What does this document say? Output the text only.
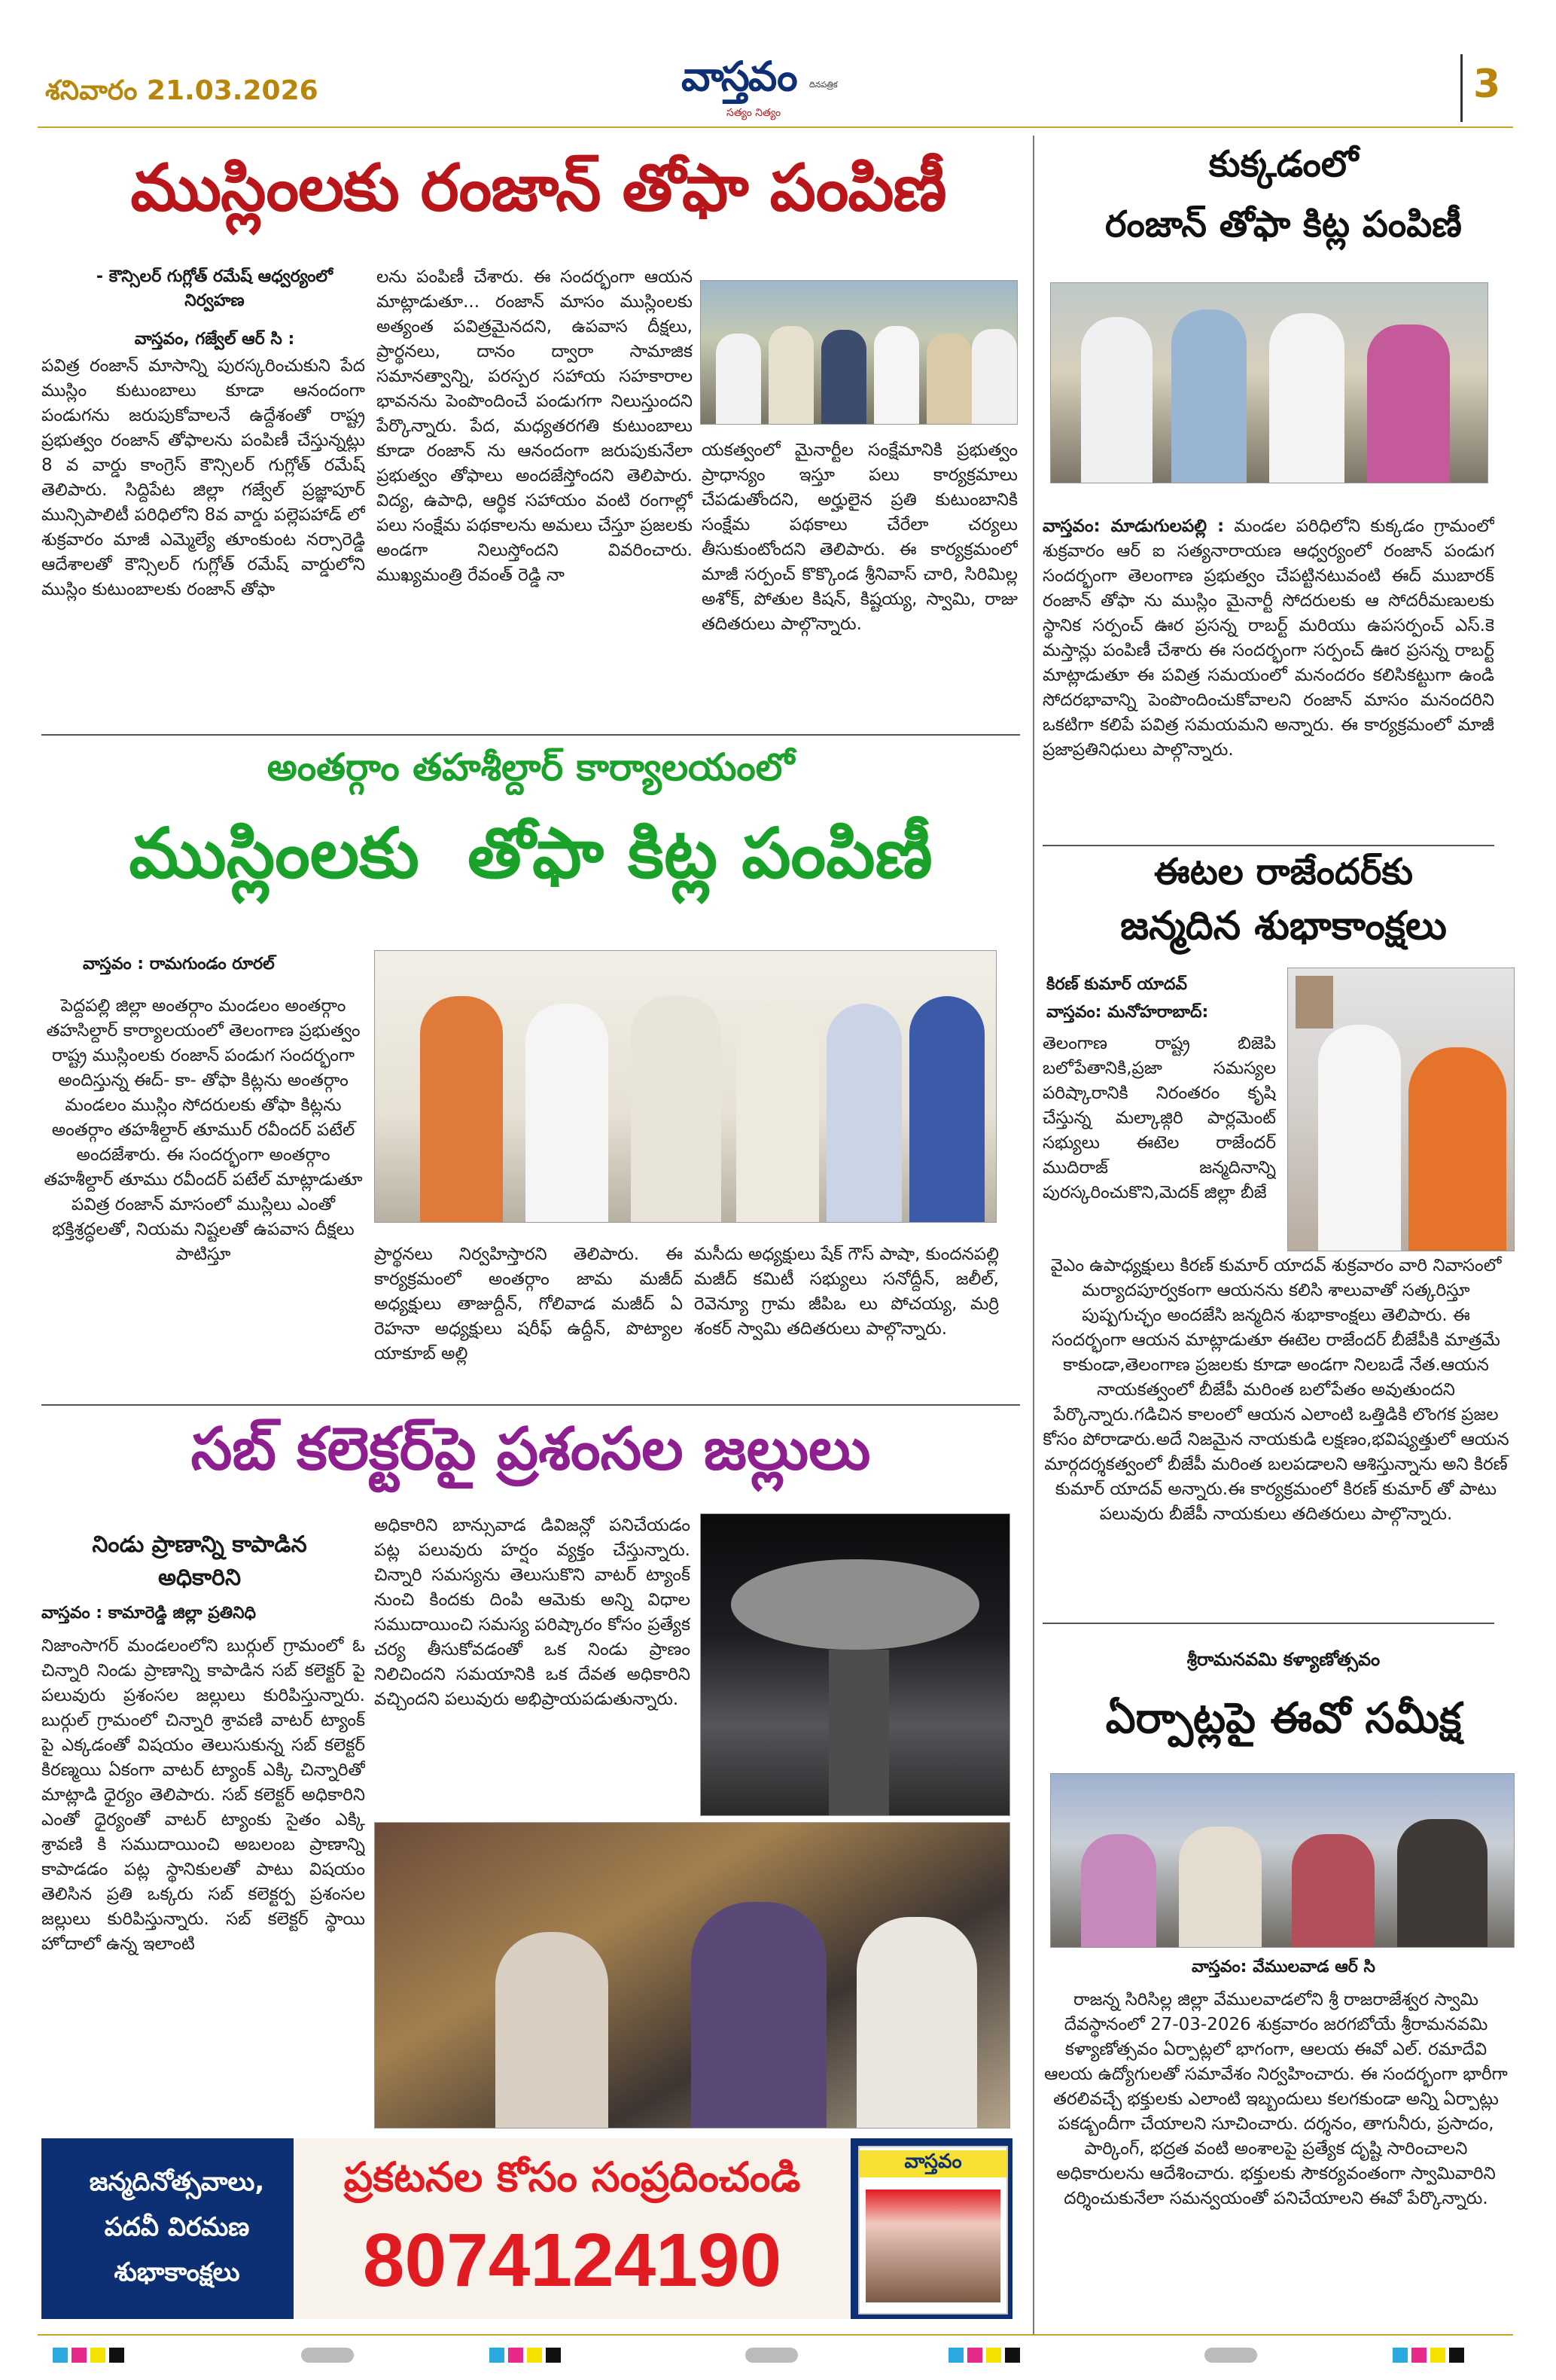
శనివారం 21.03.2026	వాస్తవం దినపత్రిక
సత్యం నిత్యం
3
ముస్లింలకు రంజాన్ తోఫా పంపిణీ
- కౌన్సిలర్ గుగ్లోత్ రమేష్ ఆధ్వర్యంలో నిర్వహణ
వాస్తవం, గజ్వేల్ ఆర్ సి :
పవిత్ర రంజాన్ మాసాన్ని పురస్కరించుకుని పేద ముస్లిం కుటుంబాలు కూడా ఆనందంగా పండుగను జరుపుకోవాలనే ఉద్దేశంతో రాష్ట్ర ప్రభుత్వం రంజాన్ తోఫాలను పంపిణీ చేస్తున్నట్లు 8 వ వార్డు కాంగ్రెస్ కౌన్సిలర్ గుగ్లోత్ రమేష్ తెలిపారు. సిద్దిపేట జిల్లా గజ్వేల్ ప్రజ్ఞాపూర్ మున్సిపాలిటీ పరిధిలోని 8వ వార్డు పల్లెపహాడ్ లో శుక్రవారం మాజీ ఎమ్మెల్యే తూంకుంట నర్సారెడ్డి ఆదేశాలతో కౌన్సిలర్ గుగ్లోత్ రమేష్ వార్డులోని ముస్లిం కుటుంబాలకు రంజాన్ తోఫా
లను పంపిణీ చేశారు. ఈ సందర్భంగా ఆయన మాట్లాడుతూ... రంజాన్ మాసం ముస్లింలకు అత్యంత పవిత్రమైనదని, ఉపవాస దీక్షలు, ప్రార్థనలు, దానం ద్వారా సామాజిక సమానత్వాన్ని, పరస్పర సహాయ సహకారాల భావనను పెంపొందించే పండుగగా నిలుస్తుందని పేర్కొన్నారు. పేద, మధ్యతరగతి కుటుంబాలు కూడా రంజాన్ ను ఆనందంగా జరుపుకునేలా ప్రభుత్వం తోఫాలు అందజేస్తోందని తెలిపారు. విద్య, ఉపాధి, ఆర్థిక సహాయం వంటి రంగాల్లో పలు సంక్షేమ పథకాలను అమలు చేస్తూ ప్రజలకు అండగా నిలుస్తోందని వివరించారు. ముఖ్యమంత్రి రేవంత్ రెడ్డి నా
యకత్వంలో మైనార్టీల సంక్షేమానికి ప్రభుత్వం ప్రాధాన్యం ఇస్తూ పలు కార్యక్రమాలు చేపడుతోందని, అర్హులైన ప్రతి కుటుంబానికి సంక్షేమ పథకాలు చేరేలా చర్యలు తీసుకుంటోందని తెలిపారు. ఈ కార్యక్రమంలో మాజీ సర్పంచ్ కొక్కొండ శ్రీనివాస్ చారి, సిరిమిల్ల అశోక్, పోతుల కిషన్, కిష్టయ్య, స్వామి, రాజు తదితరులు పాల్గొన్నారు.
అంతర్గాం తహశీల్దార్ కార్యాలయంలో
ముస్లింలకు  తోఫా కిట్ల పంపిణీ
వాస్తవం : రామగుండం రూరల్
పెద్దపల్లి జిల్లా అంతర్గాం మండలం అంతర్గాం తహసిల్దార్ కార్యాలయంలో తెలంగాణ ప్రభుత్వం రాష్ట్ర ముస్లింలకు రంజాన్ పండుగ సందర్భంగా అందిస్తున్న ఈద్‌- కా- తోఫా కిట్లను అంతర్గాం మండలం ముస్లిం సోదరులకు తోఫా కిట్లను అంతర్గాం తహశీల్దార్ తూముర్ రవీందర్ పటేల్ అందజేశారు. ఈ సందర్భంగా అంతర్గాం తహశీల్దార్ తూము రవీందర్ పటేల్ మాట్లాడుతూ పవిత్ర రంజాన్ మాసంలో ముస్లిలు ఎంతో భక్తిశ్రద్ధలతో, నియమ నిష్టలతో ఉపవాస దీక్షలు పాటిస్తూ	ప్రార్థనలు నిర్వహిస్తారని తెలిపారు. ఈ కార్యక్రమంలో అంతర్గాం జామ మజీద్ అధ్యక్షులు తాజుద్దీన్, గోలివాడ మజీద్ ఏ రెహనా అధ్యక్షులు షరీఫ్ ఉద్దీన్, పొట్యాల యాకూబ్ అల్లి
మసీదు అధ్యక్షులు షేక్ గౌస్ పాషా, కుందనపల్లి మజీద్ కమిటీ సభ్యులు సనోద్దీన్, జలీల్, రెవెన్యూ గ్రామ జీపిఒ లు పోచయ్య, మర్రి శంకర్ స్వామి తదితరులు పాల్గొన్నారు.
సబ్ కలెక్టర్‌పై ప్రశంసల జల్లులు
నిండు ప్రాణాన్ని కాపాడిన అధికారిని
వాస్తవం : కామారెడ్డి జిల్లా ప్రతినిధి
నిజాంసాగర్ మండలంలోని బుర్గుల్ గ్రామంలో ఓ చిన్నారి నిండు ప్రాణాన్ని కాపాడిన సబ్ కలెక్టర్ పై పలువురు ప్రశంసల జల్లులు కురిపిస్తున్నారు. బుర్గుల్ గ్రామంలో చిన్నారి శ్రావణి వాటర్ ట్యాంక్ పై ఎక్కడంతో విషయం తెలుసుకున్న సబ్ కలెక్టర్ కిరణ్మయి ఏకంగా వాటర్ ట్యాంక్ ఎక్కి చిన్నారితో మాట్లాడి ధైర్యం తెలిపారు. సబ్ కలెక్టర్ అధికారిని ఎంతో ధైర్యంతో వాటర్ ట్యాంకు సైతం ఎక్కి శ్రావణి కి సముదాయించి అబలంబ ప్రాణాన్ని కాపాడడం పట్ల స్థానికులతో పాటు విషయం తెలిసిన ప్రతి ఒక్కరు సబ్ కలెక్టర్ప ప్రశంసల జల్లులు కురిపిస్తున్నారు. సబ్ కలెక్టర్ స్థాయి హోదాలో ఉన్న ఇలాంటి
అధికారిని బాన్సువాడ డివిజన్లో పనిచేయడం పట్ల పలువురు హర్షం వ్యక్తం చేస్తున్నారు. చిన్నారి సమస్యను తెలుసుకొని వాటర్ ట్యాంక్ నుంచి కిందకు దింపి ఆమెకు అన్ని విధాల సముదాయించి సమస్య పరిష్కారం కోసం ప్రత్యేక చర్య తీసుకోవడంతో ఒక నిండు ప్రాణం నిలిచిందని సమయానికి ఒక దేవత అధికారిని వచ్చిందని పలువురు అభిప్రాయపడుతున్నారు.
జన్మదినోత్సవాలు,
పదవీ విరమణ
శుభాకాంక్షలు
ప్రకటనల కోసం సంప్రదించండి
8074124190
వాస్తవం
కుక్కడంలో
రంజాన్ తోఫా కిట్ల పంపిణీ

వాస్తవం: మాడుగులపల్లి : మండల పరిధిలోని కుక్కడం గ్రామంలో శుక్రవారం ఆర్ ఐ సత్యనారాయణ ఆధ్వర్యంలో రంజాన్ పండుగ సందర్భంగా తెలంగాణ ప్రభుత్వం చేపట్టినటువంటి ఈద్ ముబారక్ రంజాన్ తోఫా ను ముస్లిం మైనార్టీ సోదరులకు ఆ సోదరీమణులకు స్థానిక సర్పంచ్ ఊర ప్రసన్న రాబర్ట్ మరియు ఉపసర్పంచ్ ఎస్.కె మస్తాన్లు పంపిణీ చేశారు ఈ సందర్భంగా సర్పంచ్ ఊర ప్రసన్న రాబర్ట్ మాట్లాడుతూ ఈ పవిత్ర సమయంలో మనందరం కలిసికట్టుగా ఉండి సోదరభావాన్ని పెంపొందించుకోవాలని రంజాన్ మాసం మనందరిని ఒకటిగా కలిపే పవిత్ర సమయమని అన్నారు. ఈ కార్యక్రమంలో మాజీ ప్రజాప్రతినిధులు పాల్గొన్నారు.

ఈటల రాజేందర్‌కు
జన్మదిన శుభాకాంక్షలు
కిరణ్ కుమార్ యాదవ్
వాస్తవం: మనోహరాబాద్:
తెలంగాణ రాష్ట్ర బిజెపి బలోపేతానికి,ప్రజా సమస్యల పరిష్కారానికి నిరంతరం కృషి చేస్తున్న మల్కాజ్గిరి పార్లమెంట్ సభ్యులు ఈటెల రాజేందర్ ముదిరాజ్ జన్మదినాన్ని పురస్కరించుకొని,మెదక్ జిల్లా బీజే
వైఎం ఉపాధ్యక్షులు కిరణ్ కుమార్ యాదవ్ శుక్రవారం వారి నివాసంలో మర్యాదపూర్వకంగా ఆయనను కలిసి శాలువాతో సత్కరిస్తూ పుష్పగుచ్ఛం అందజేసి జన్మదిన శుభాకాంక్షలు తెలిపారు. ఈ సందర్భంగా ఆయన మాట్లాడుతూ ఈటెల రాజేందర్ బీజేపీకి మాత్రమే కాకుండా,తెలంగాణ ప్రజలకు కూడా అండగా నిలబడే నేత.ఆయన నాయకత్వంలో బీజేపీ మరింత బలోపేతం అవుతుందని పేర్కొన్నారు.గడిచిన కాలంలో ఆయన ఎలాంటి ఒత్తిడికి లొంగక ప్రజల కోసం పోరాడారు.అదే నిజమైన నాయకుడి లక్షణం,భవిష్యత్తులో ఆయన మార్గదర్శకత్వంలో బీజేపీ మరింత బలపడాలని ఆశిస్తున్నాను అని కిరణ్ కుమార్ యాదవ్ అన్నారు.ఈ కార్యక్రమంలో కిరణ్ కుమార్ తో పాటు పలువురు బీజేపీ నాయకులు తదితరులు పాల్గొన్నారు.
శ్రీరామనవమి కళ్యాణోత్సవం
ఏర్పాట్లపై ఈవో సమీక్ష
వాస్తవం: వేములవాడ ఆర్ సి
రాజన్న సిరిసిల్ల జిల్లా వేములవాడలోని శ్రీ రాజరాజేశ్వర స్వామి దేవస్థానంలో 27-03-2026 శుక్రవారం జరగబోయే శ్రీరామనవమి కళ్యాణోత్సవం ఏర్పాట్లలో భాగంగా, ఆలయ ఈవో ఎల్. రమాదేవి ఆలయ ఉద్యోగులతో సమావేశం నిర్వహించారు. ఈ సందర్భంగా భారీగా తరలివచ్చే భక్తులకు ఎలాంటి ఇబ్బందులు కలగకుండా అన్ని ఏర్పాట్లు పకడ్బందీగా చేయాలని సూచించారు. దర్శనం, తాగునీరు, ప్రసాదం, పార్కింగ్, భద్రత వంటి అంశాలపై ప్రత్యేక దృష్టి సారించాలని అధికారులను ఆదేశించారు. భక్తులకు సౌకర్యవంతంగా స్వామివారిని దర్శించుకునేలా సమన్వయంతో పనిచేయాలని ఈవో పేర్కొన్నారు.
